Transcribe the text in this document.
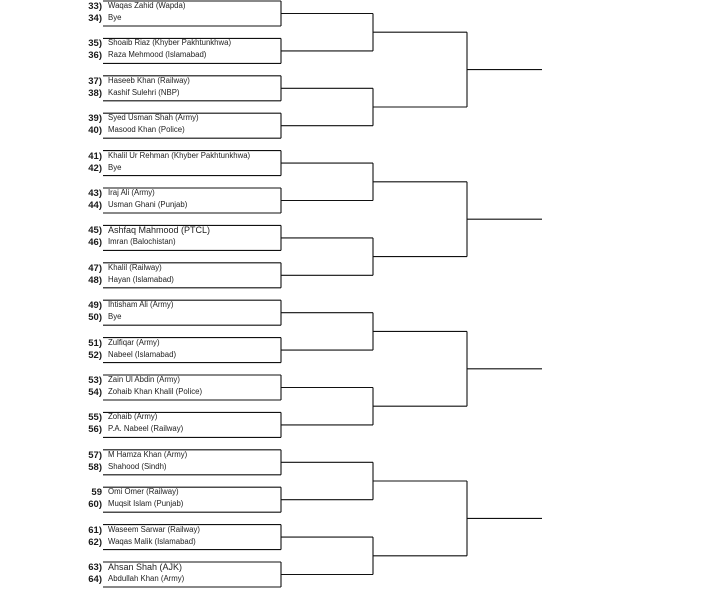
33) Waqas Zahid (Wapda)
34) Bye
35) Shoaib Riaz (Khyber Pakhtunkhwa)
36) Raza Mehmood (Islamabad)
37) Haseeb Khan (Railway)
38) Kashif Sulehri (NBP)
39) Syed Usman Shah (Army)
40) Masood Khan (Police)
41) Khalil Ur Rehman (Khyber Pakhtunkhwa)
42) Bye
43) Iraj Ali (Army)
44) Usman Ghani (Punjab)
45) Ashfaq Mahmood (PTCL)
46) Imran (Balochistan)
47) Khalil (Railway)
48) Hayan (Islamabad)
49) Ihtisham Ali (Army)
50) Bye
51) Zulfiqar (Army)
52) Nabeel (Islamabad)
53) Zain Ul Abdin (Army)
54) Zohaib Khan Khalil (Police)
55) Zohaib (Army)
56) P.A. Nabeel (Railway)
57) M Hamza Khan (Army)
58) Shahood (Sindh)
59 Omi Omer (Railway)
60) Muqsit Islam (Punjab)
61) Waseem Sarwar (Railway)
62) Waqas Malik (Islamabad)
63) Ahsan Shah (AJK)
64) Abdullah Khan (Army)
